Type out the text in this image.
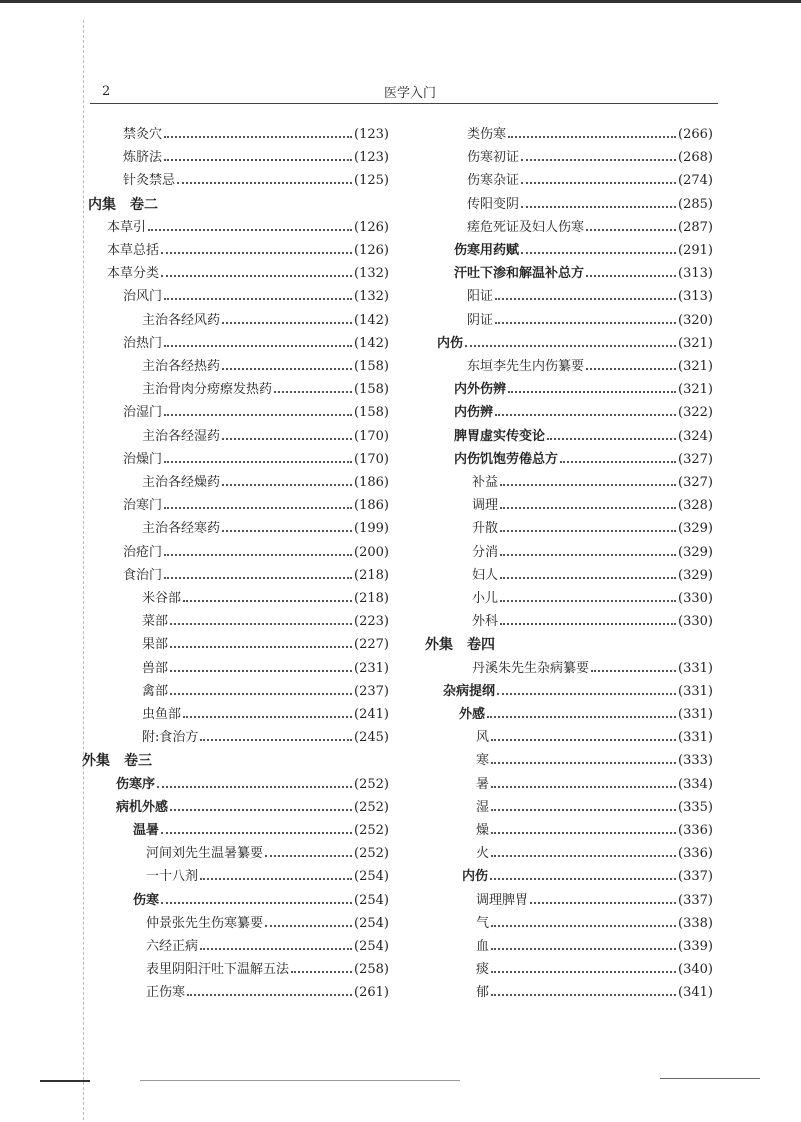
2	医学入门
禁灸穴	(123)
炼脐法	(123)
针灸禁忌	(125)
内集　卷二
本草引	(126)
本草总括	(126)
本草分类	(132)
治风门	(132)
主治各经风药	(142)
治热门	(142)
主治各经热药	(158)
主治骨肉分痨瘵发热药	(158)
治湿门	(158)
主治各经湿药	(170)
治燥门	(170)
主治各经燥药	(186)
治寒门	(186)
主治各经寒药	(199)
治疮门	(200)
食治门	(218)
米谷部	(218)
菜部	(223)
果部	(227)
兽部	(231)
禽部	(237)
虫鱼部	(241)
附:食治方	(245)
外集　卷三
伤寒序	(252)
病机外感	(252)
温暑	(252)
河间刘先生温暑纂要	(252)
一十八剂	(254)
伤寒	(254)
仲景张先生伤寒纂要	(254)
六经正病	(254)
表里阴阳汗吐下温解五法	(258)
正伤寒	(261)
类伤寒	(266)
伤寒初证	(268)
伤寒杂证	(274)
传阳变阴	(285)
瘥危死证及妇人伤寒	(287)
伤寒用药赋	(291)
汗吐下渗和解温补总方	(313)
阳证	(313)
阴证	(320)
内伤	(321)
东垣李先生内伤纂要	(321)
内外伤辨	(321)
内伤辨	(322)
脾胃虚实传变论	(324)
内伤饥饱劳倦总方	(327)
补益	(327)
调理	(328)
升散	(329)
分消	(329)
妇人	(329)
小儿	(330)
外科	(330)
外集　卷四
丹溪朱先生杂病纂要	(331)
杂病提纲	(331)
外感	(331)
风	(331)
寒	(333)
暑	(334)
湿	(335)
燥	(336)
火	(336)
内伤	(337)
调理脾胃	(337)
气	(338)
血	(339)
痰	(340)
郁	(341)
